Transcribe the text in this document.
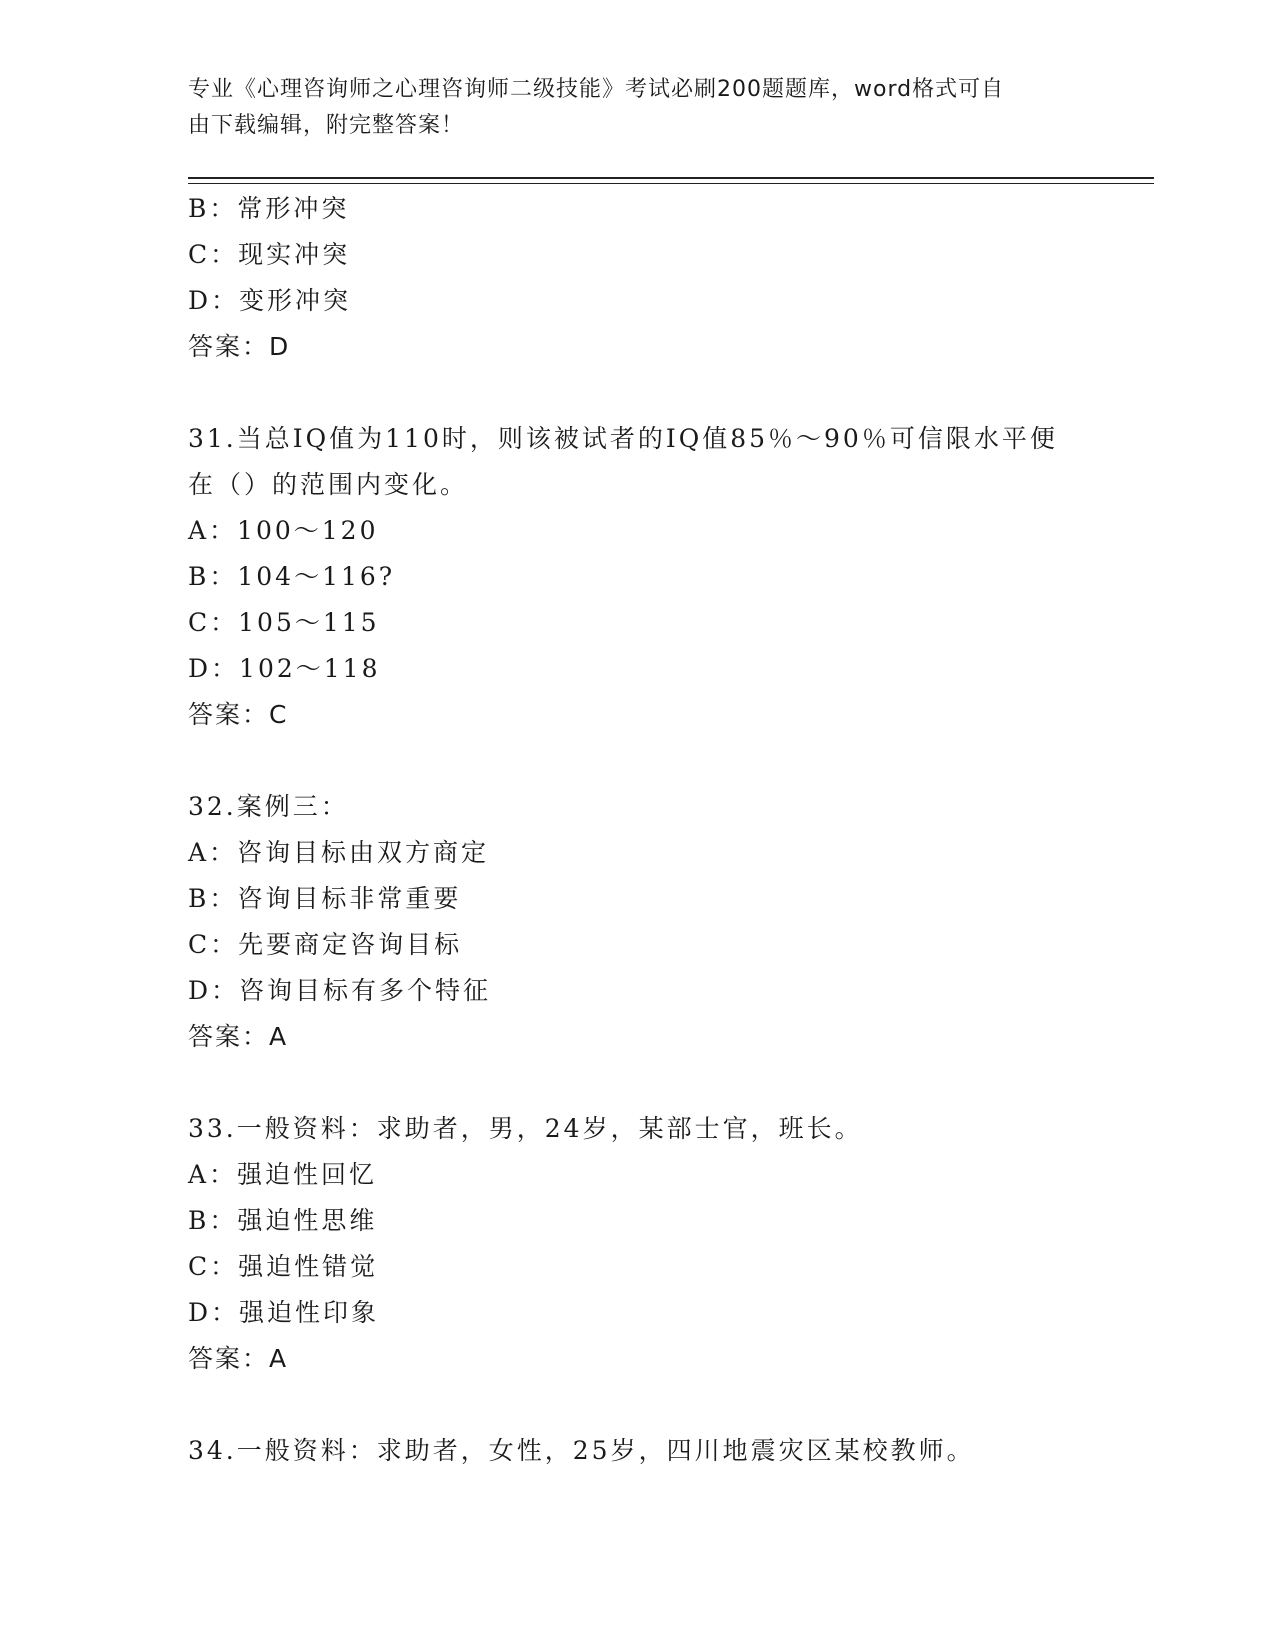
专业《心理咨询师之心理咨询师二级技能》考试必刷200题题库，word格式可自
由下载编辑，附完整答案！
B：常形冲突
C：现实冲突
D：变形冲突
答案：D
31.当总IQ值为110时，则该被试者的IQ值85％～90％可信限水平便
在（）的范围内变化。
A：100～120
B：104～116?
C：105～115
D：102～118
答案：C
32.案例三：
A：咨询目标由双方商定
B：咨询目标非常重要
C：先要商定咨询目标
D：咨询目标有多个特征
答案：A
33.一般资料：求助者，男，24岁，某部士官，班长。
A：强迫性回忆
B：强迫性思维
C：强迫性错觉
D：强迫性印象
答案：A
34.一般资料：求助者，女性，25岁，四川地震灾区某校教师。
